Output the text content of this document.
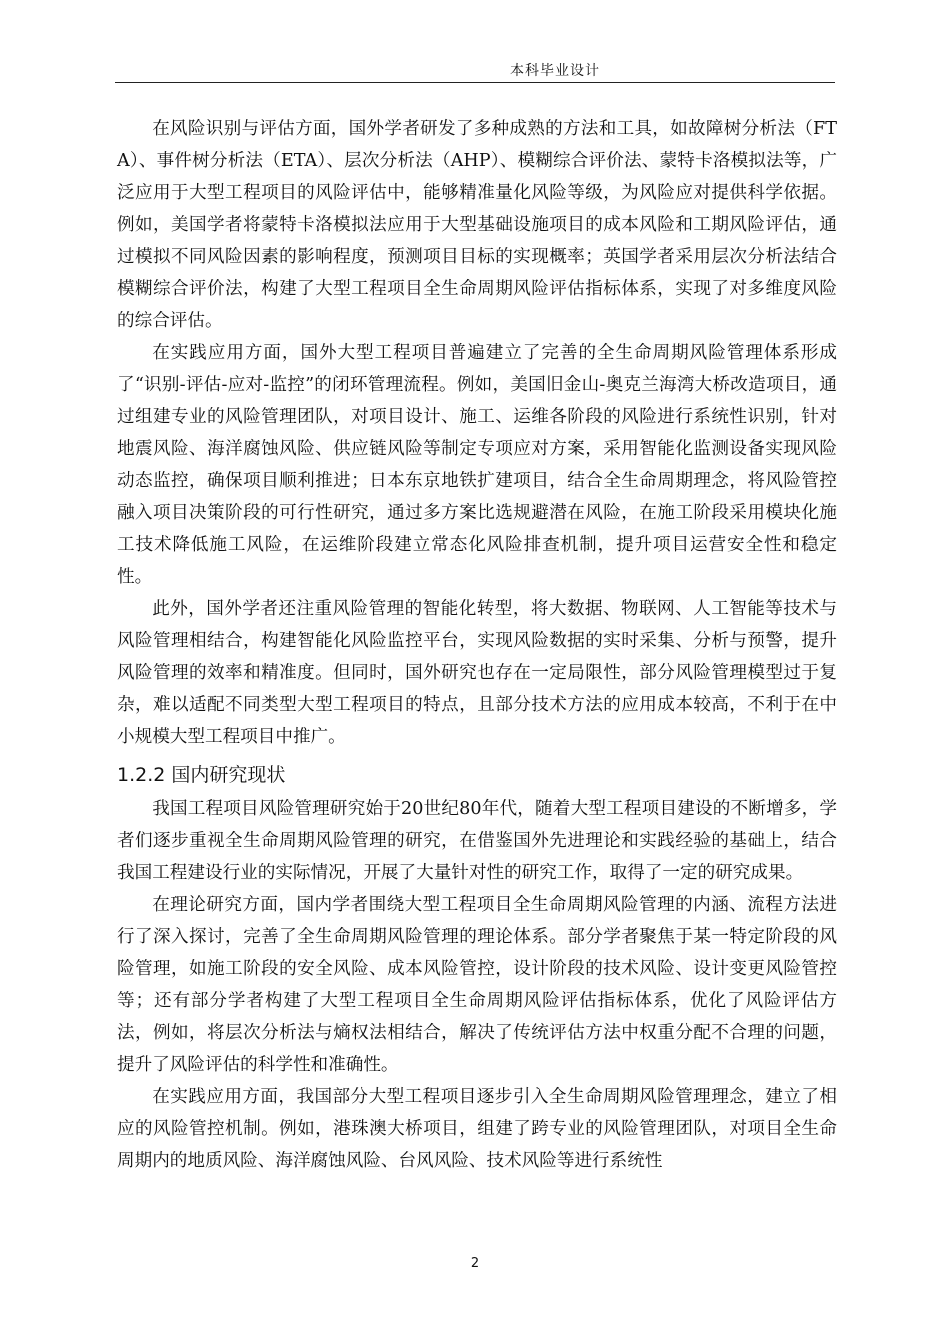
本科毕业设计

在风险识别与评估方面，国外学者研发了多种成熟的方法和工具，如故障树分析法（FTA）、事件树分析法（ETA）、层次分析法（AHP）、模糊综合评价法、蒙特卡洛模拟法等，广泛应用于大型工程项目的风险评估中，能够精准量化风险等级，为风险应对提供科学依据。例如，美国学者将蒙特卡洛模拟法应用于大型基础设施项目的成本风险和工期风险评估，通过模拟不同风险因素的影响程度，预测项目目标的实现概率；英国学者采用层次分析法结合模糊综合评价法，构建了大型工程项目全生命周期风险评估指标体系，实现了对多维度风险的综合评估。

在实践应用方面，国外大型工程项目普遍建立了完善的全生命周期风险管理体系形成了“识别-评估-应对-监控”的闭环管理流程。例如，美国旧金山-奥克兰海湾大桥改造项目，通过组建专业的风险管理团队，对项目设计、施工、运维各阶段的风险进行系统性识别，针对地震风险、海洋腐蚀风险、供应链风险等制定专项应对方案，采用智能化监测设备实现风险动态监控，确保项目顺利推进；日本东京地铁扩建项目，结合全生命周期理念，将风险管控融入项目决策阶段的可行性研究，通过多方案比选规避潜在风险，在施工阶段采用模块化施工技术降低施工风险，在运维阶段建立常态化风险排查机制，提升项目运营安全性和稳定性。

此外，国外学者还注重风险管理的智能化转型，将大数据、物联网、人工智能等技术与风险管理相结合，构建智能化风险监控平台，实现风险数据的实时采集、分析与预警，提升风险管理的效率和精准度。但同时，国外研究也存在一定局限性，部分风险管理模型过于复杂，难以适配不同类型大型工程项目的特点，且部分技术方法的应用成本较高，不利于在中小规模大型工程项目中推广。

1.2.2 国内研究现状

我国工程项目风险管理研究始于20世纪80年代，随着大型工程项目建设的不断增多，学者们逐步重视全生命周期风险管理的研究，在借鉴国外先进理论和实践经验的基础上，结合我国工程建设行业的实际情况，开展了大量针对性的研究工作，取得了一定的研究成果。

在理论研究方面，国内学者围绕大型工程项目全生命周期风险管理的内涵、流程方法进行了深入探讨，完善了全生命周期风险管理的理论体系。部分学者聚焦于某一特定阶段的风险管理，如施工阶段的安全风险、成本风险管控，设计阶段的技术风险、设计变更风险管控等；还有部分学者构建了大型工程项目全生命周期风险评估指标体系，优化了风险评估方法，例如，将层次分析法与熵权法相结合，解决了传统评估方法中权重分配不合理的问题，提升了风险评估的科学性和准确性。

在实践应用方面，我国部分大型工程项目逐步引入全生命周期风险管理理念，建立了相应的风险管控机制。例如，港珠澳大桥项目，组建了跨专业的风险管理团队，对项目全生命周期内的地质风险、海洋腐蚀风险、台风风险、技术风险等进行系统性

2
